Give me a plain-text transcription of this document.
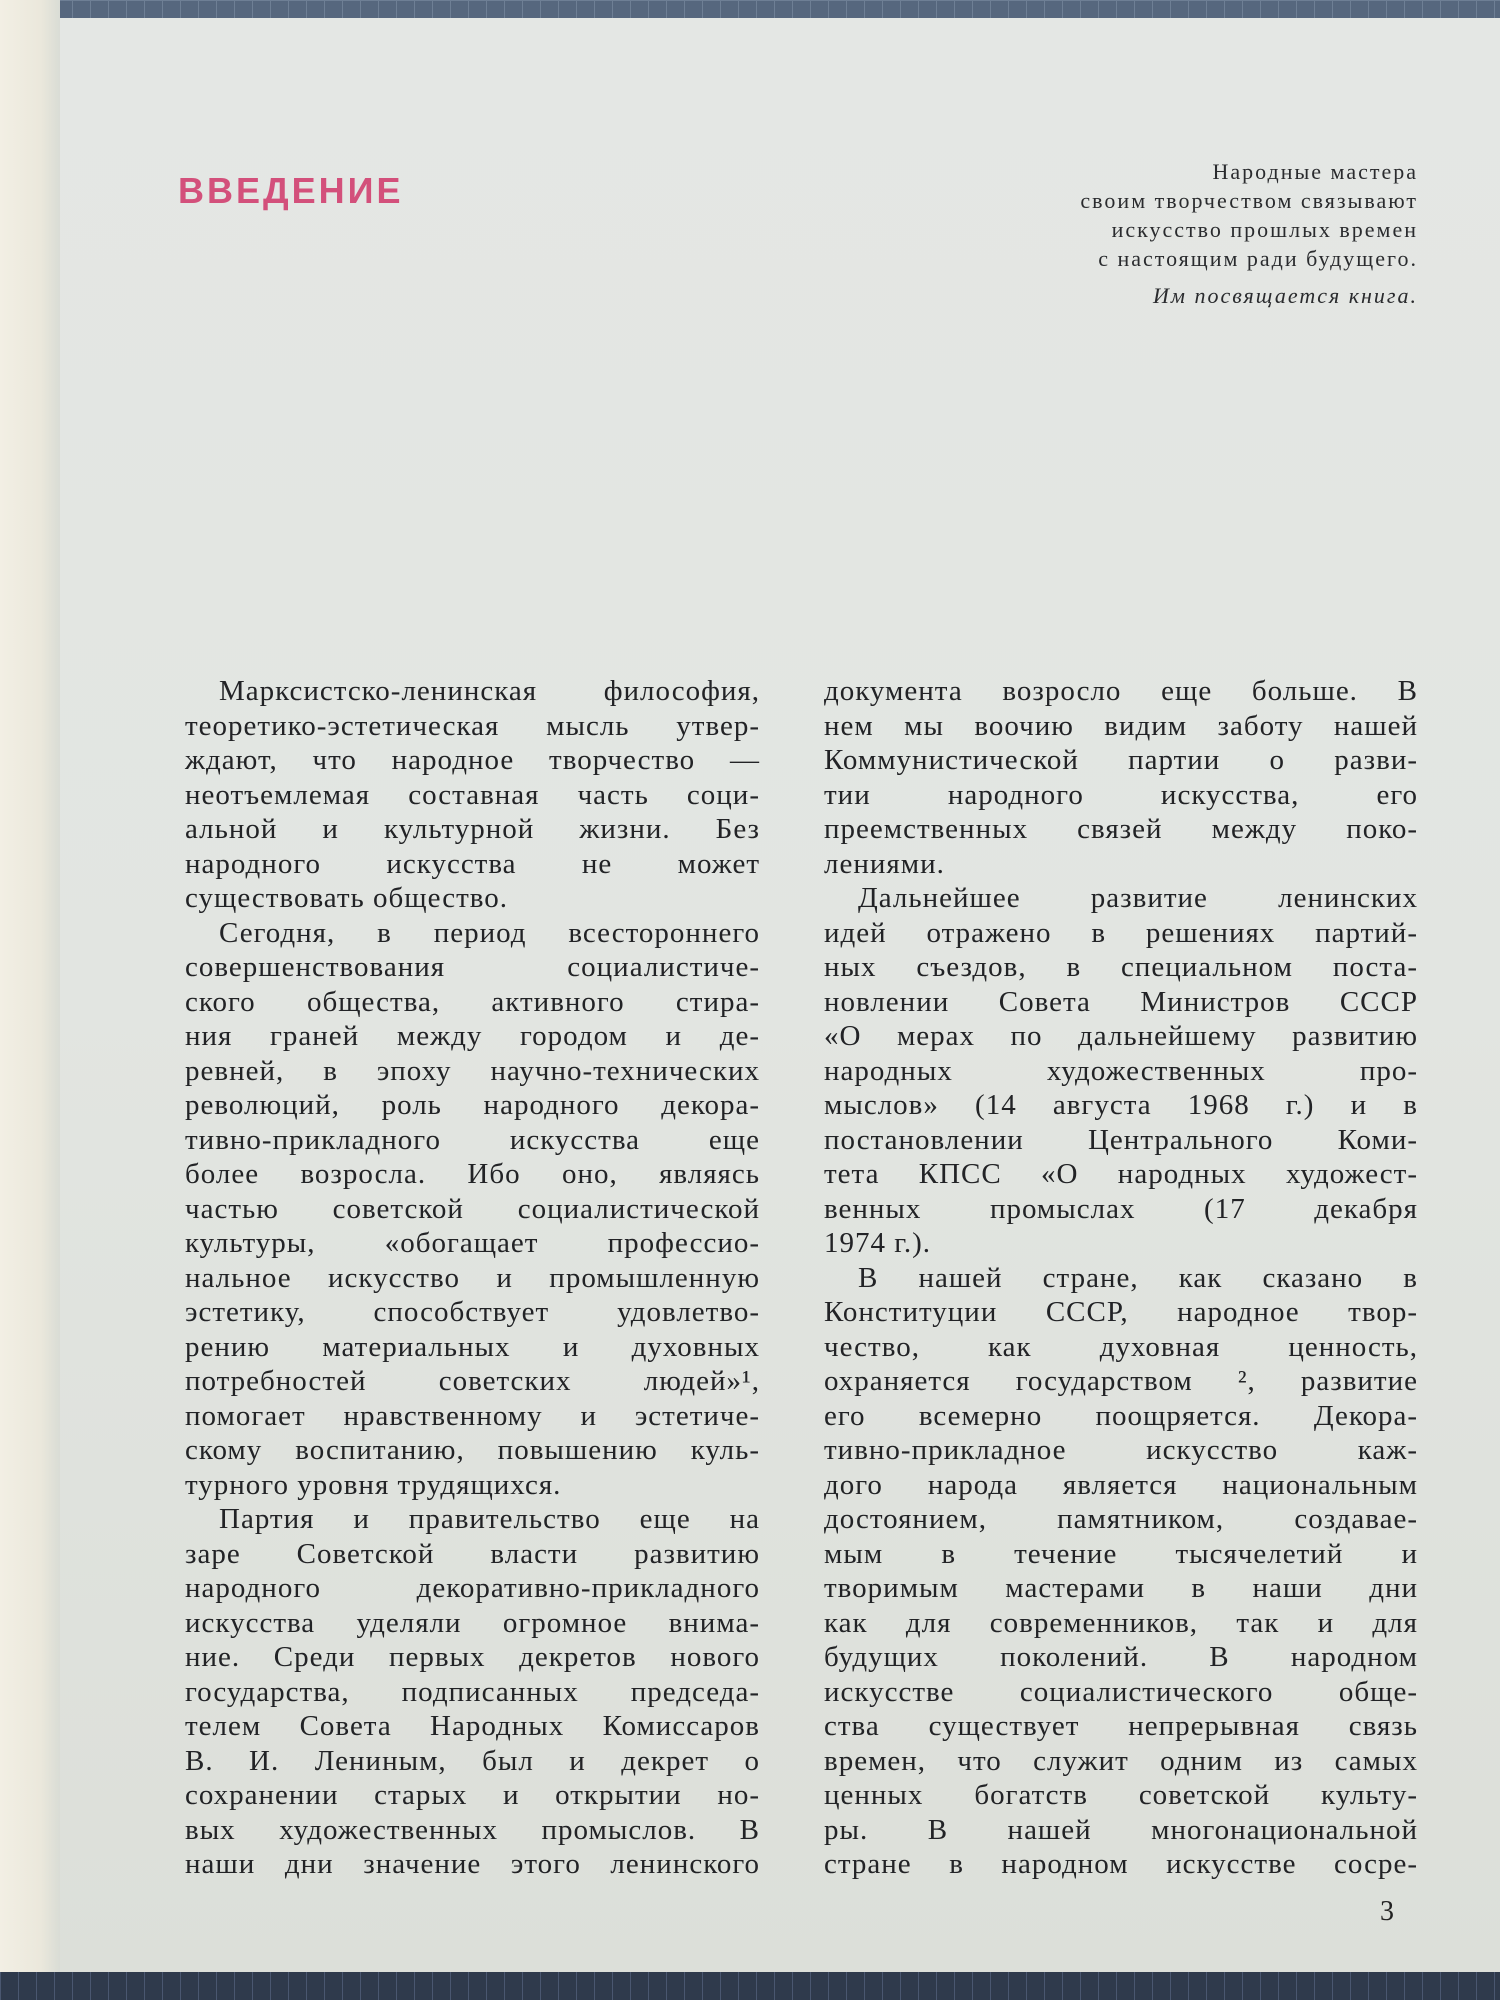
ВВЕДЕНИЕ	Народные мастера
своим творчеством связывают
искусство прошлых времен
с настоящим ради будущего.
Им посвящается книга.
Марксистско-ленинская философия,
теоретико-эстетическая мысль утвер-
ждают, что народное творчество —
неотъемлемая составная часть соци-
альной и культурной жизни. Без
народного искусства не может
существовать общество.
Сегодня, в период всестороннего
совершенствования социалистиче-
ского общества, активного стира-
ния граней между городом и де-
ревней, в эпоху научно-технических
революций, роль народного декора-
тивно-прикладного искусства еще
более возросла. Ибо оно, являясь
частью советской социалистической
культуры, «обогащает профессио-
нальное искусство и промышленную
эстетику, способствует удовлетво-
рению материальных и духовных
потребностей советских людей»¹,
помогает нравственному и эстетиче-
скому воспитанию, повышению куль-
турного уровня трудящихся.
Партия и правительство еще на
заре Советской власти развитию
народного декоративно-прикладного
искусства уделяли огромное внима-
ние. Среди первых декретов нового
государства, подписанных председа-
телем Совета Народных Комиссаров
В. И. Лениным, был и декрет о
сохранении старых и открытии но-
вых художественных промыслов. В
наши дни значение этого ленинского
документа возросло еще больше. В
нем мы воочию видим заботу нашей
Коммунистической партии о разви-
тии народного искусства, его
преемственных связей между поко-
лениями.
Дальнейшее развитие ленинских
идей отражено в решениях партий-
ных съездов, в специальном поста-
новлении Совета Министров СССР
«О мерах по дальнейшему развитию
народных художественных про-
мыслов» (14 августа 1968 г.) и в
постановлении Центрального Коми-
тета КПСС «О народных художест-
венных промыслах (17 декабря
1974 г.).
В нашей стране, как сказано в
Конституции СССР, народное твор-
чество, как духовная ценность,
охраняется государством ², развитие
его всемерно поощряется. Декора-
тивно-прикладное искусство каж-
дого народа является национальным
достоянием, памятником, создавае-
мым в течение тысячелетий и
творимым мастерами в наши дни
как для современников, так и для
будущих поколений. В народном
искусстве социалистического обще-
ства существует непрерывная связь
времен, что служит одним из самых
ценных богатств советской культу-
ры. В нашей многонациональной
стране в народном искусстве сосре-
3
